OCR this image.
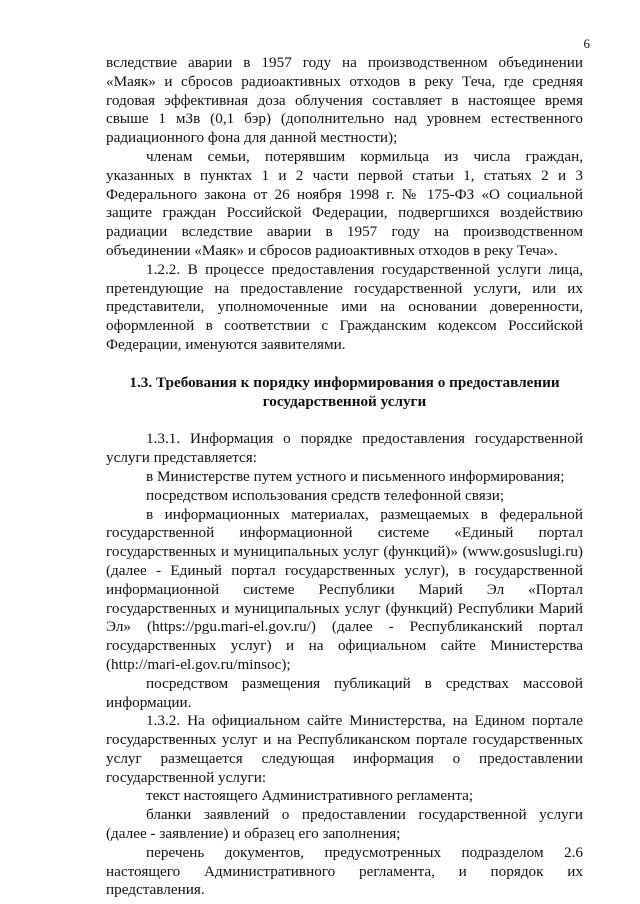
6

вследствие аварии в 1957 году на производственном объединении «Маяк» и сбросов радиоактивных отходов в реку Теча, где средняя годовая эффективная доза облучения составляет в настоящее время свыше 1 мЗв (0,1 бэр) (дополнительно над уровнем естественного радиационного фона для данной местности);

членам семьи, потерявшим кормильца из числа граждан, указанных в пунктах 1 и 2 части первой статьи 1, статьях 2 и 3 Федерального закона от 26 ноября 1998 г. № 175-ФЗ «О социальной защите граждан Российской Федерации, подвергшихся воздействию радиации вследствие аварии в 1957 году на производственном объединении «Маяк» и сбросов радиоактивных отходов в реку Теча».

1.2.2. В процессе предоставления государственной услуги лица, претендующие на предоставление государственной услуги, или их представители, уполномоченные ими на основании доверенности, оформленной в соответствии с Гражданским кодексом Российской Федерации, именуются заявителями.

1.3. Требования к порядку информирования о предоставлении
государственной услуги

1.3.1. Информация о порядке предоставления государственной услуги представляется:

в Министерстве путем устного и письменного информирования;

посредством использования средств телефонной связи;

в информационных материалах, размещаемых в федеральной государственной информационной системе «Единый портал государственных и муниципальных услуг (функций)» (www.gosuslugi.ru) (далее - Единый портал государственных услуг), в государственной информационной системе Республики Марий Эл «Портал государственных и муниципальных услуг (функций) Республики Марий Эл» (https://pgu.mari-el.gov.ru/) (далее - Республиканский портал государственных услуг) и на официальном сайте Министерства (http://mari-el.gov.ru/minsoc);

посредством размещения публикаций в средствах массовой информации.

1.3.2. На официальном сайте Министерства, на Едином портале государственных услуг и на Республиканском портале государственных услуг размещается следующая информация о предоставлении государственной услуги:

текст настоящего Административного регламента;

бланки заявлений о предоставлении государственной услуги (далее - заявление) и образец его заполнения;

перечень документов, предусмотренных подразделом 2.6 настоящего Административного регламента, и порядок их представления.
